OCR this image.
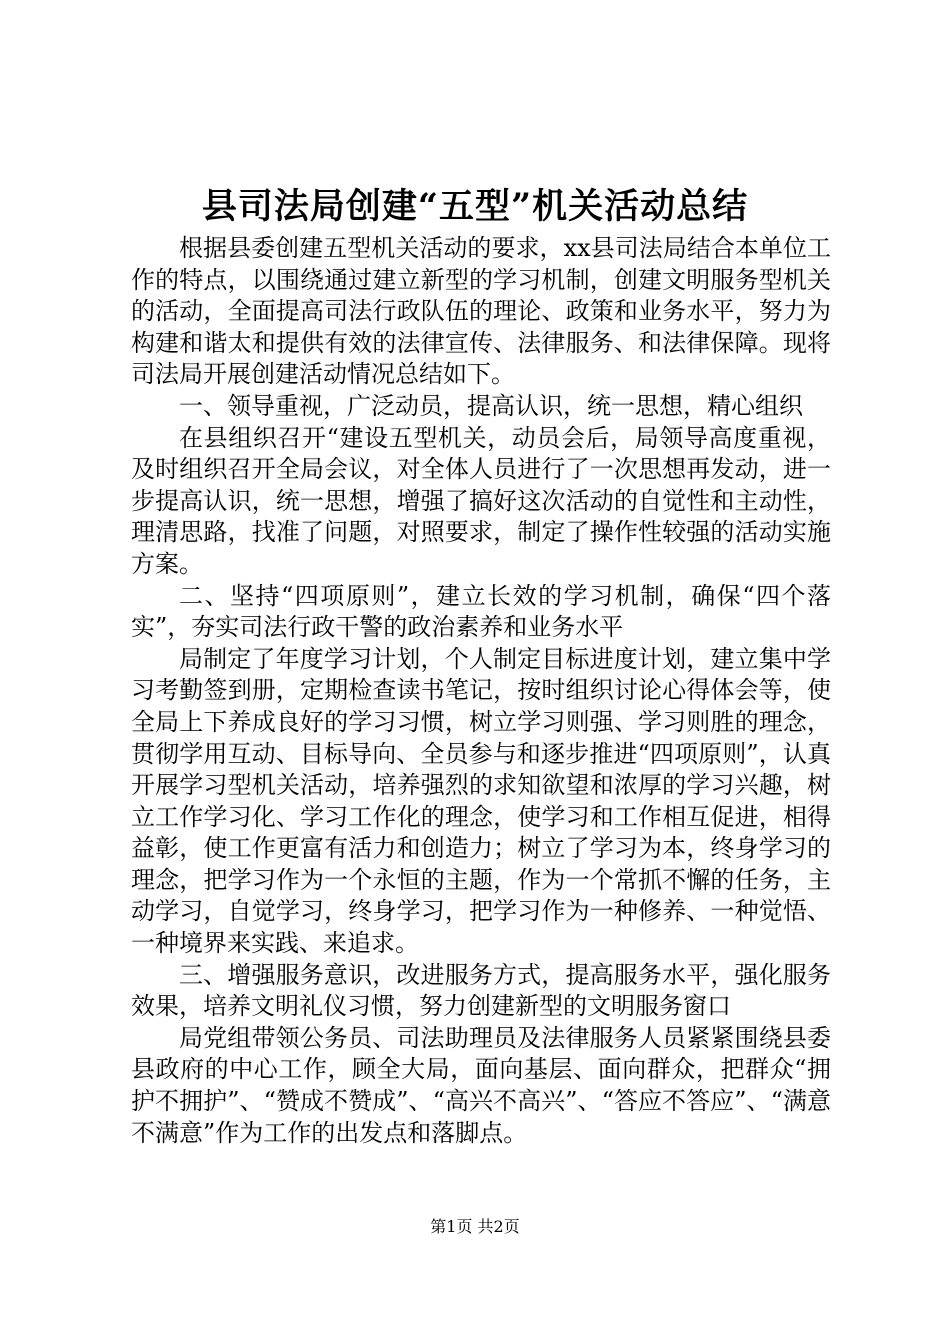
县司法局创建“五型”机关活动总结

根据县委创建五型机关活动的要求，xx县司法局结合本单位工作的特点，以围绕通过建立新型的学习机制，创建文明服务型机关的活动，全面提高司法行政队伍的理论、政策和业务水平，努力为构建和谐太和提供有效的法律宣传、法律服务、和法律保障。现将司法局开展创建活动情况总结如下。

一、领导重视，广泛动员，提高认识，统一思想，精心组织

在县组织召开“建设五型机关，动员会后，局领导高度重视，及时组织召开全局会议，对全体人员进行了一次思想再发动，进一步提高认识，统一思想，增强了搞好这次活动的自觉性和主动性，理清思路，找准了问题，对照要求，制定了操作性较强的活动实施方案。

二、坚持“四项原则”，建立长效的学习机制，确保“四个落实”，夯实司法行政干警的政治素养和业务水平

局制定了年度学习计划，个人制定目标进度计划，建立集中学习考勤签到册，定期检查读书笔记，按时组织讨论心得体会等，使全局上下养成良好的学习习惯，树立学习则强、学习则胜的理念，贯彻学用互动、目标导向、全员参与和逐步推进“四项原则”，认真开展学习型机关活动，培养强烈的求知欲望和浓厚的学习兴趣，树立工作学习化、学习工作化的理念，使学习和工作相互促进，相得益彰，使工作更富有活力和创造力；树立了学习为本，终身学习的理念，把学习作为一个永恒的主题，作为一个常抓不懈的任务，主动学习，自觉学习，终身学习，把学习作为一种修养、一种觉悟、一种境界来实践、来追求。

三、增强服务意识，改进服务方式，提高服务水平，强化服务效果，培养文明礼仪习惯，努力创建新型的文明服务窗口

局党组带领公务员、司法助理员及法律服务人员紧紧围绕县委县政府的中心工作，顾全大局，面向基层、面向群众，把群众“拥护不拥护”、“赞成不赞成”、“高兴不高兴”、“答应不答应”、“满意不满意”作为工作的出发点和落脚点。

第1页 共2页
